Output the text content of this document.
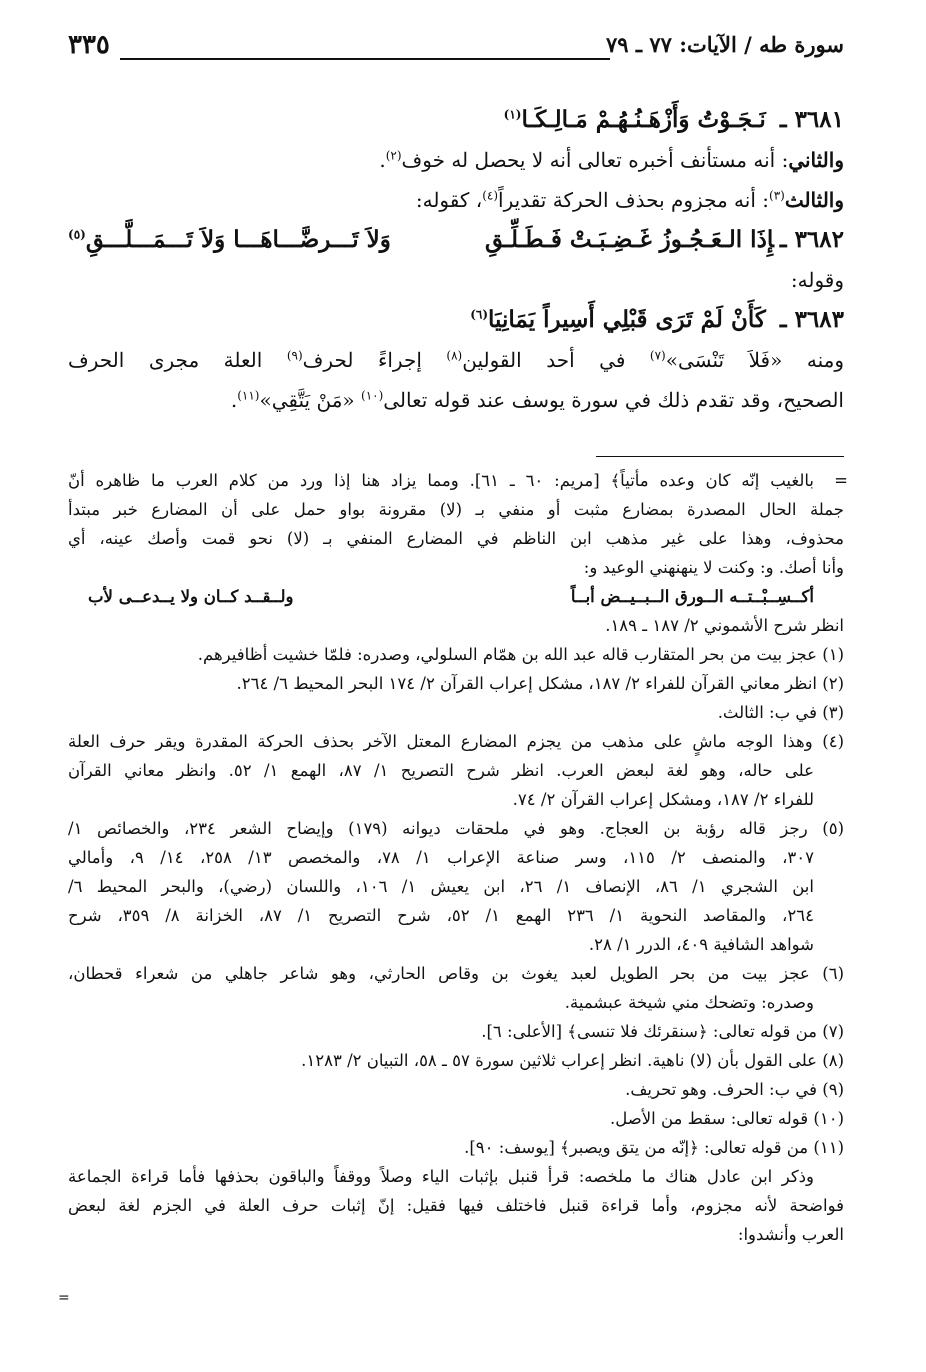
سورة طه / الآيات: ٧٧ ـ ٧٩
٣٣٥
٣٦٨١ ـ نَـجَـوْتُ وَأَزْهَـنُـهُـمْ مَـالِـكَـا$^{(١)}$
والثاني: أنه مستأنف أخبره تعالى أنه لا يحصل له خوف$^{(٢)}$.
والثالث$^{(٣)}$: أنه مجزوم بحذف الحركة تقديراً$^{(٤)}$، كقوله:
٣٦٨٢ ـإِذَا الـعَـجُـوزُ غَـضِـبَـتْ فَـطَـلِّـقِ
وَلاَ تَـــرضَّـــاهَـــا وَلاَ تَـــمَـــلَّـــقِ$^{(٥)}$
وقوله:
٣٦٨٣ ـ كَأَنْ لَمْ تَرَى قَبْلِي أَسِيراً يَمَانِيَا$^{(٦)}$
ومنه «فَلاَ تَنْسَى»$^{(٧)}$ في أحد القولين$^{(٨)}$ إجراءً لحرف$^{(٩)}$ العلة مجرى الحرف
الصحيح، وقد تقدم ذلك في سورة يوسف عند قوله تعالى$^{(١٠)}$ «مَنْ يَتَّقِي»$^{(١١)}$.
=
بالغيب إنّه كان وعده مأتياً﴾ [مريم: ٦٠ ـ ٦١]. ومما يزاد هنا إذا ورد من كلام العرب ما ظاهره أنّ
جملة الحال المصدرة بمضارع مثبت أو منفي بـ (لا) مقرونة بواو حمل على أن المضارع خبر مبتدأ
محذوف، وهذا على غير مذهب ابن الناظم في المضارع المنفي بـ (لا) نحو قمت وأصك عينه، أي
وأنا أصك. و: وكنت لا ينهنهني الوعيد و:
أكــسِــبْــتــه الــورق الــبــيــض أبــاً
ولــقــد كــان ولا يــدعــى لأب
انظر شرح الأشموني ٢/ ١٨٧ ـ ١٨٩.
(١) عجز بيت من بحر المتقارب قاله عبد الله بن همّام السلولي، وصدره: فلمّا خشيت أظافيرهم.
(٢) انظر معاني القرآن للفراء ٢/ ١٨٧، مشكل إعراب القرآن ٢/ ١٧٤ البحر المحيط ٦/ ٢٦٤.
(٣) في ب: الثالث.
(٤) وهذا الوجه ماشٍ على مذهب من يجزم المضارع المعتل الآخر بحذف الحركة المقدرة ويقر حرف العلة
على حاله، وهو لغة لبعض العرب. انظر شرح التصريح ١/ ٨٧، الهمع ١/ ٥٢. وانظر معاني القرآن
للفراء ٢/ ١٨٧، ومشكل إعراب القرآن ٢/ ٧٤.
(٥) رجز قاله رؤبة بن العجاج. وهو في ملحقات ديوانه (١٧٩) وإيضاح الشعر ٢٣٤، والخصائص ١/
٣٠٧، والمنصف ٢/ ١١٥، وسر صناعة الإعراب ١/ ٧٨، والمخصص ١٣/ ٢٥٨، ١٤/ ٩، وأمالي
ابن الشجري ١/ ٨٦، الإنصاف ١/ ٢٦، ابن يعيش ١/ ١٠٦، واللسان (رضي)، والبحر المحيط ٦/
٢٦٤، والمقاصد النحوية ١/ ٢٣٦ الهمع ١/ ٥٢، شرح التصريح ١/ ٨٧، الخزانة ٨/ ٣٥٩، شرح
شواهد الشافية ٤٠٩، الدرر ١/ ٢٨.
(٦) عجز بيت من بحر الطويل لعبد يغوث بن وقاص الحارثي، وهو شاعر جاهلي من شعراء قحطان،
وصدره: وتضحك مني شيخة عبشمية.
(٧) من قوله تعالى: ﴿سنقرئك فلا تنسى﴾ [الأعلى: ٦].
(٨) على القول بأن (لا) ناهية. انظر إعراب ثلاثين سورة ٥٧ ـ ٥٨، التبيان ٢/ ١٢٨٣.
(٩) في ب: الحرف. وهو تحريف.
(١٠) قوله تعالى: سقط من الأصل.
(١١) من قوله تعالى: ﴿إنّه من يتق ويصبر﴾ [يوسف: ٩٠].
وذكر ابن عادل هناك ما ملخصه: قرأ قنبل بإثبات الياء وصلاً ووقفاً والباقون بحذفها فأما قراءة الجماعة
فواضحة لأنه مجزوم، وأما قراءة قنبل فاختلف فيها فقيل: إنّ إثبات حرف العلة في الجزم لغة لبعض
العرب وأنشدوا:
=
